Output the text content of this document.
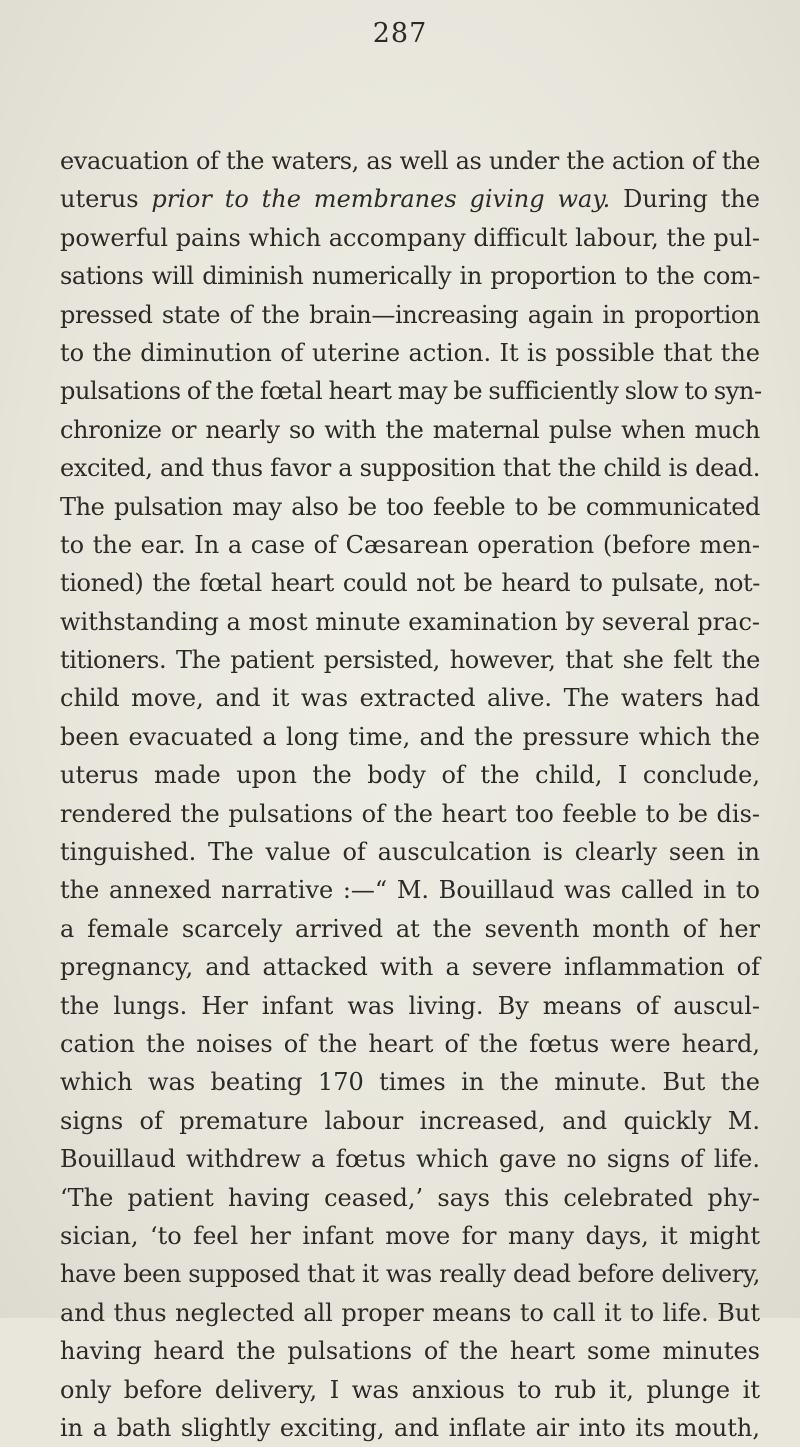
287
evacuation of the waters, as well as under the action of the
uterus prior to the membranes giving way. During the
powerful pains which accompany difficult labour, the pul-
sations will diminish numerically in proportion to the com-
pressed state of the brain—increasing again in proportion
to the diminution of uterine action. It is possible that the
pulsations of the fœtal heart may be sufficiently slow to syn-
chronize or nearly so with the maternal pulse when much
excited, and thus favor a supposition that the child is dead.
The pulsation may also be too feeble to be communicated
to the ear. In a case of Cæsarean operation (before men-
tioned) the fœtal heart could not be heard to pulsate, not-
withstanding a most minute examination by several prac-
titioners. The patient persisted, however, that she felt the
child move, and it was extracted alive. The waters had
been evacuated a long time, and the pressure which the
uterus made upon the body of the child, I conclude,
rendered the pulsations of the heart too feeble to be dis-
tinguished. The value of ausculcation is clearly seen in
the annexed narrative :—“ M. Bouillaud was called in to
a female scarcely arrived at the seventh month of her
pregnancy, and attacked with a severe inflammation of
the lungs. Her infant was living. By means of auscul-
cation the noises of the heart of the fœtus were heard,
which was beating 170 times in the minute. But the
signs of premature labour increased, and quickly M.
Bouillaud withdrew a fœtus which gave no signs of life.
‘The patient having ceased,’ says this celebrated phy-
sician, ‘to feel her infant move for many days, it might
have been supposed that it was really dead before delivery,
and thus neglected all proper means to call it to life. But
having heard the pulsations of the heart some minutes
only before delivery, I was anxious to rub it, plunge it
in a bath slightly exciting, and inflate air into its mouth,
